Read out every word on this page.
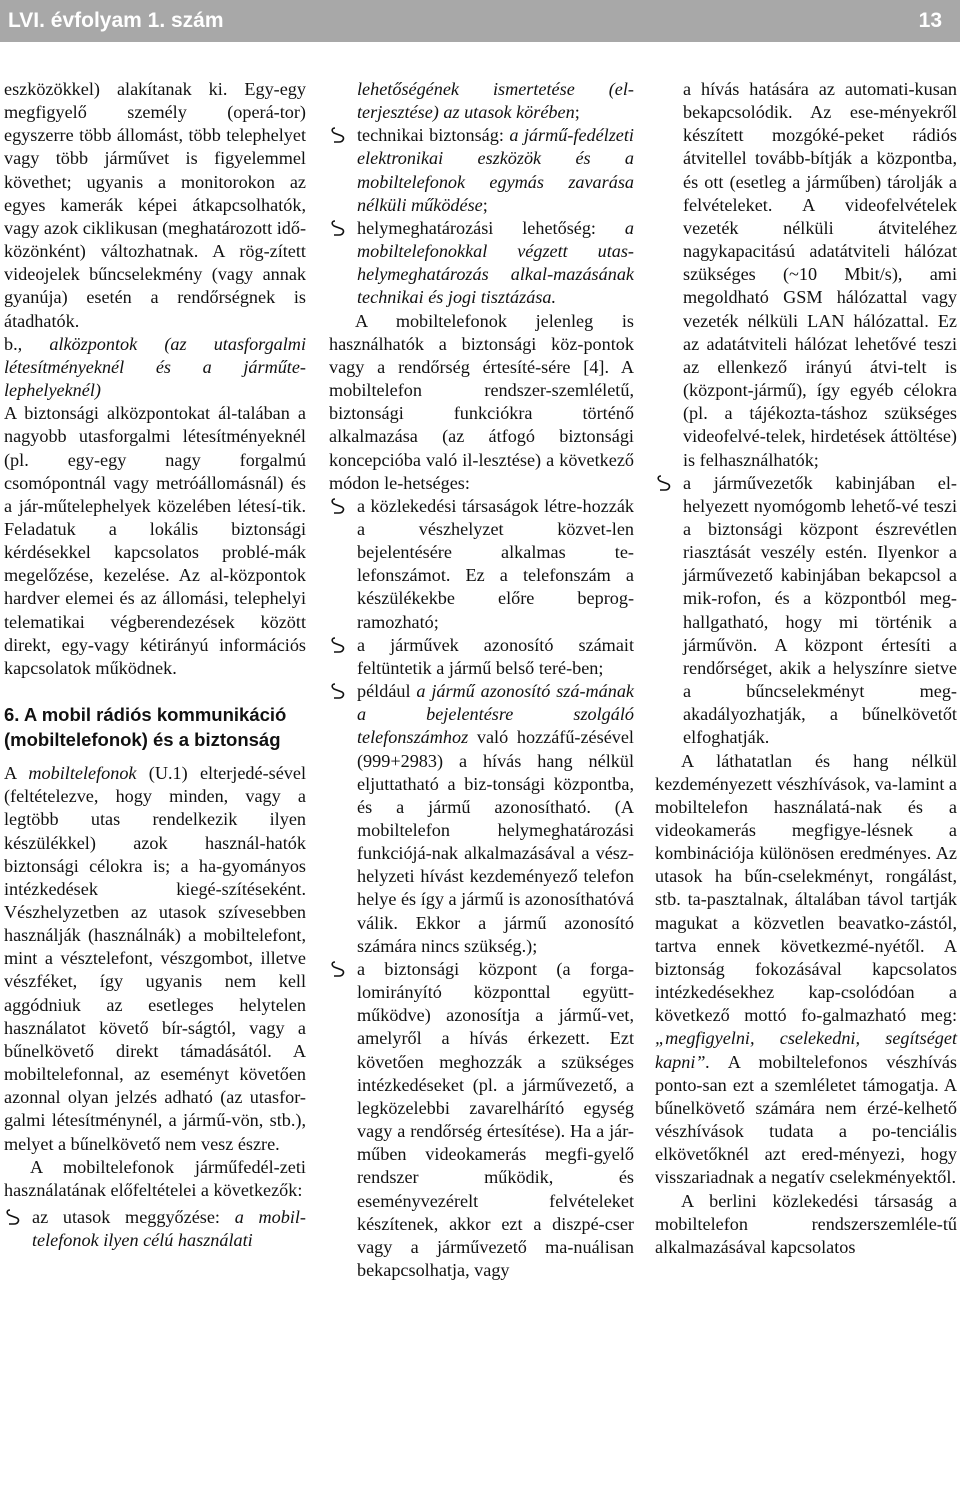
LVI. évfolyam 1. szám	13

eszközökkel) alakítanak ki. Egy-egy megfigyelő személy (operá-tor) egyszerre több állomást, több telephelyet vagy több járművet is figyelemmel követhet; ugyanis a monitorokon az egyes kamerák képei átkapcsolhatók, vagy azok ciklikusan (meghatározott idő-közönként) változhatnak. A rög-zített videojelek bűncselekmény (vagy annak gyanúja) esetén a rendőrségnek is átadhatók.

b., alközpontok (az utasforgalmi létesítményeknél és a járműte-lephelyeknél)

A biztonsági alközpontokat ál-talában a nagyobb utasforgalmi létesítményeknél (pl. egy-egy nagy forgalmú csomópontnál vagy metróállomásnál) és a jár-műtelephelyek közelében létesí-tik. Feladatuk a lokális biztonsági kérdésekkel kapcsolatos problé-mák megelőzése, kezelése. Az al-központok hardver elemei és az állomási, telephelyi telematikai végberendezések között direkt, egy-vagy kétirányú információs kapcsolatok működnek.

6. A mobil rádiós kommunikáció (mobiltelefonok) és a biztonság

A mobiltelefonok (U.1) elterjedé-sével (feltételezve, hogy minden, vagy a legtöbb utas rendelkezik ilyen készülékkel) azok használ-hatók biztonsági célokra is; a ha-gyományos intézkedések kiegé-szítéseként. Vészhelyzetben az utasok szívesebben használják (használnák) a mobiltelefont, mint a vésztelefont, vészgombot, illetve vészféket, így ugyanis nem kell aggódniuk az esetleges helytelen használatot követő bír-ságtól, vagy a bűnelkövető direkt támadásától. A mobiltelefonnal, az eseményt követően azonnal olyan jelzés adható (az utasfor-galmi létesítménynél, a jármű-vön, stb.), melyet a bűnelkövető nem vesz észre.

A mobiltelefonok járműfedél-zeti használatának előfeltételei a következők:

az utasok meggyőzése: a mobil-telefonok ilyen célú használati
lehetőségének ismertetése (el-terjesztése) az utasok körében;
technikai biztonság: a jármű-fedélzeti elektronikai eszközök és a mobiltelefonok egymás zavarása nélküli működése;
helymeghatározási lehetőség: a mobiltelefonokkal végzett utas-helymeghatározás alkal-mazásának technikai és jogi tisztázása.

A mobiltelefonok jelenleg is használhatók a biztonsági köz-pontok vagy a rendőrség értesíté-sére [4]. A mobiltelefon rendszer-szemléletű, biztonsági funkciókra történő alkalmazása (az átfogó biztonsági koncepcióba való il-lesztése) a következő módon le-hetséges:

a közlekedési társaságok létre-hozzák a vészhelyzet közvet-len bejelentésére alkalmas te-lefonszámot. Ez a telefonszám a készülékekbe előre beprog-ramozható;
a járművek azonosító számait feltüntetik a jármű belső teré-ben;
például a jármű azonosító szá-mának a bejelentésre szolgáló telefonszámhoz való hozzáfű-zésével (999+2983) a hívás hang nélkül eljuttatható a biz-tonsági központba, és a jármű azonosítható. (A mobiltelefon helymeghatározási funkciójá-nak alkalmazásával a vész-helyzeti hívást kezdeményező telefon helye és így a jármű is azonosíthatóvá válik. Ekkor a jármű azonosító számára nincs szükség.);
a biztonsági központ (a forga-lomirányító központtal együtt-működve) azonosítja a jármű-vet, amelyről a hívás érkezett. Ezt követően meghozzák a szükséges intézkedéseket (pl. a járművezető, a legközelebbi zavarelhárító egység vagy a rendőrség értesítése). Ha a jár-műben videokamerás megfi-gyelő rendszer működik, és eseményvezérelt felvételeket készítenek, akkor ezt a diszpé-cser vagy a járművezető ma-nuálisan bekapcsolhatja, vagy
a hívás hatására az automati-kusan bekapcsolódik. Az ese-ményekről készített mozgóké-peket rádiós átvitellel tovább-bítják a központba, és ott (esetleg a járműben) tárolják a felvételeket. A videofelvételek vezeték nélküli átviteléhez nagykapacitású adatátviteli hálózat szükséges (~10 Mbit/s), ami megoldható GSM hálózattal vagy vezeték nélküli LAN hálózattal. Ez az adatátviteli hálózat lehetővé teszi az ellenkező irányú átvi-telt is (központ-jármű), így egyéb célokra (pl. a tájékozta-táshoz szükséges videofelvé-telek, hirdetések áttöltése) is felhasználhatók;
a járművezetők kabinjában el-helyezett nyomógomb lehető-vé teszi a biztonsági központ észrevétlen riasztását veszély estén. Ilyenkor a járművezető kabinjában bekapcsol a mik-rofon, és a központból meg-hallgatható, hogy mi történik a járművön. A központ értesíti a rendőrséget, akik a helyszínre sietve a bűncselekményt meg-akadályozhatják, a bűnelkövetőt elfoghatják.

A láthatatlan és hang nélkül kezdeményezett vészhívások, va-lamint a mobiltelefon használatá-nak és a videokamerás megfigye-lésnek a kombinációja különösen eredményes. Az utasok ha bűn-cselekményt, rongálást, stb. ta-pasztalnak, általában távol tartják magukat a közvetlen beavatko-zástól, tartva ennek következmé-nyétől. A biztonság fokozásával kapcsolatos intézkedésekhez kap-csolódóan a következő mottó fo-galmazható meg: „megfigyelni, cselekedni, segítséget kapni”. A mobiltelefonos vészhívás ponto-san ezt a szemléletet támogatja. A bűnelkövető számára nem érzé-kelhető vészhívások tudata a po-tenciális elkövetőknél azt ered-ményezi, hogy visszariadnak a negatív cselekményektől.

A berlini közlekedési társaság a mobiltelefon rendszerszemléle-tű alkalmazásával kapcsolatos
